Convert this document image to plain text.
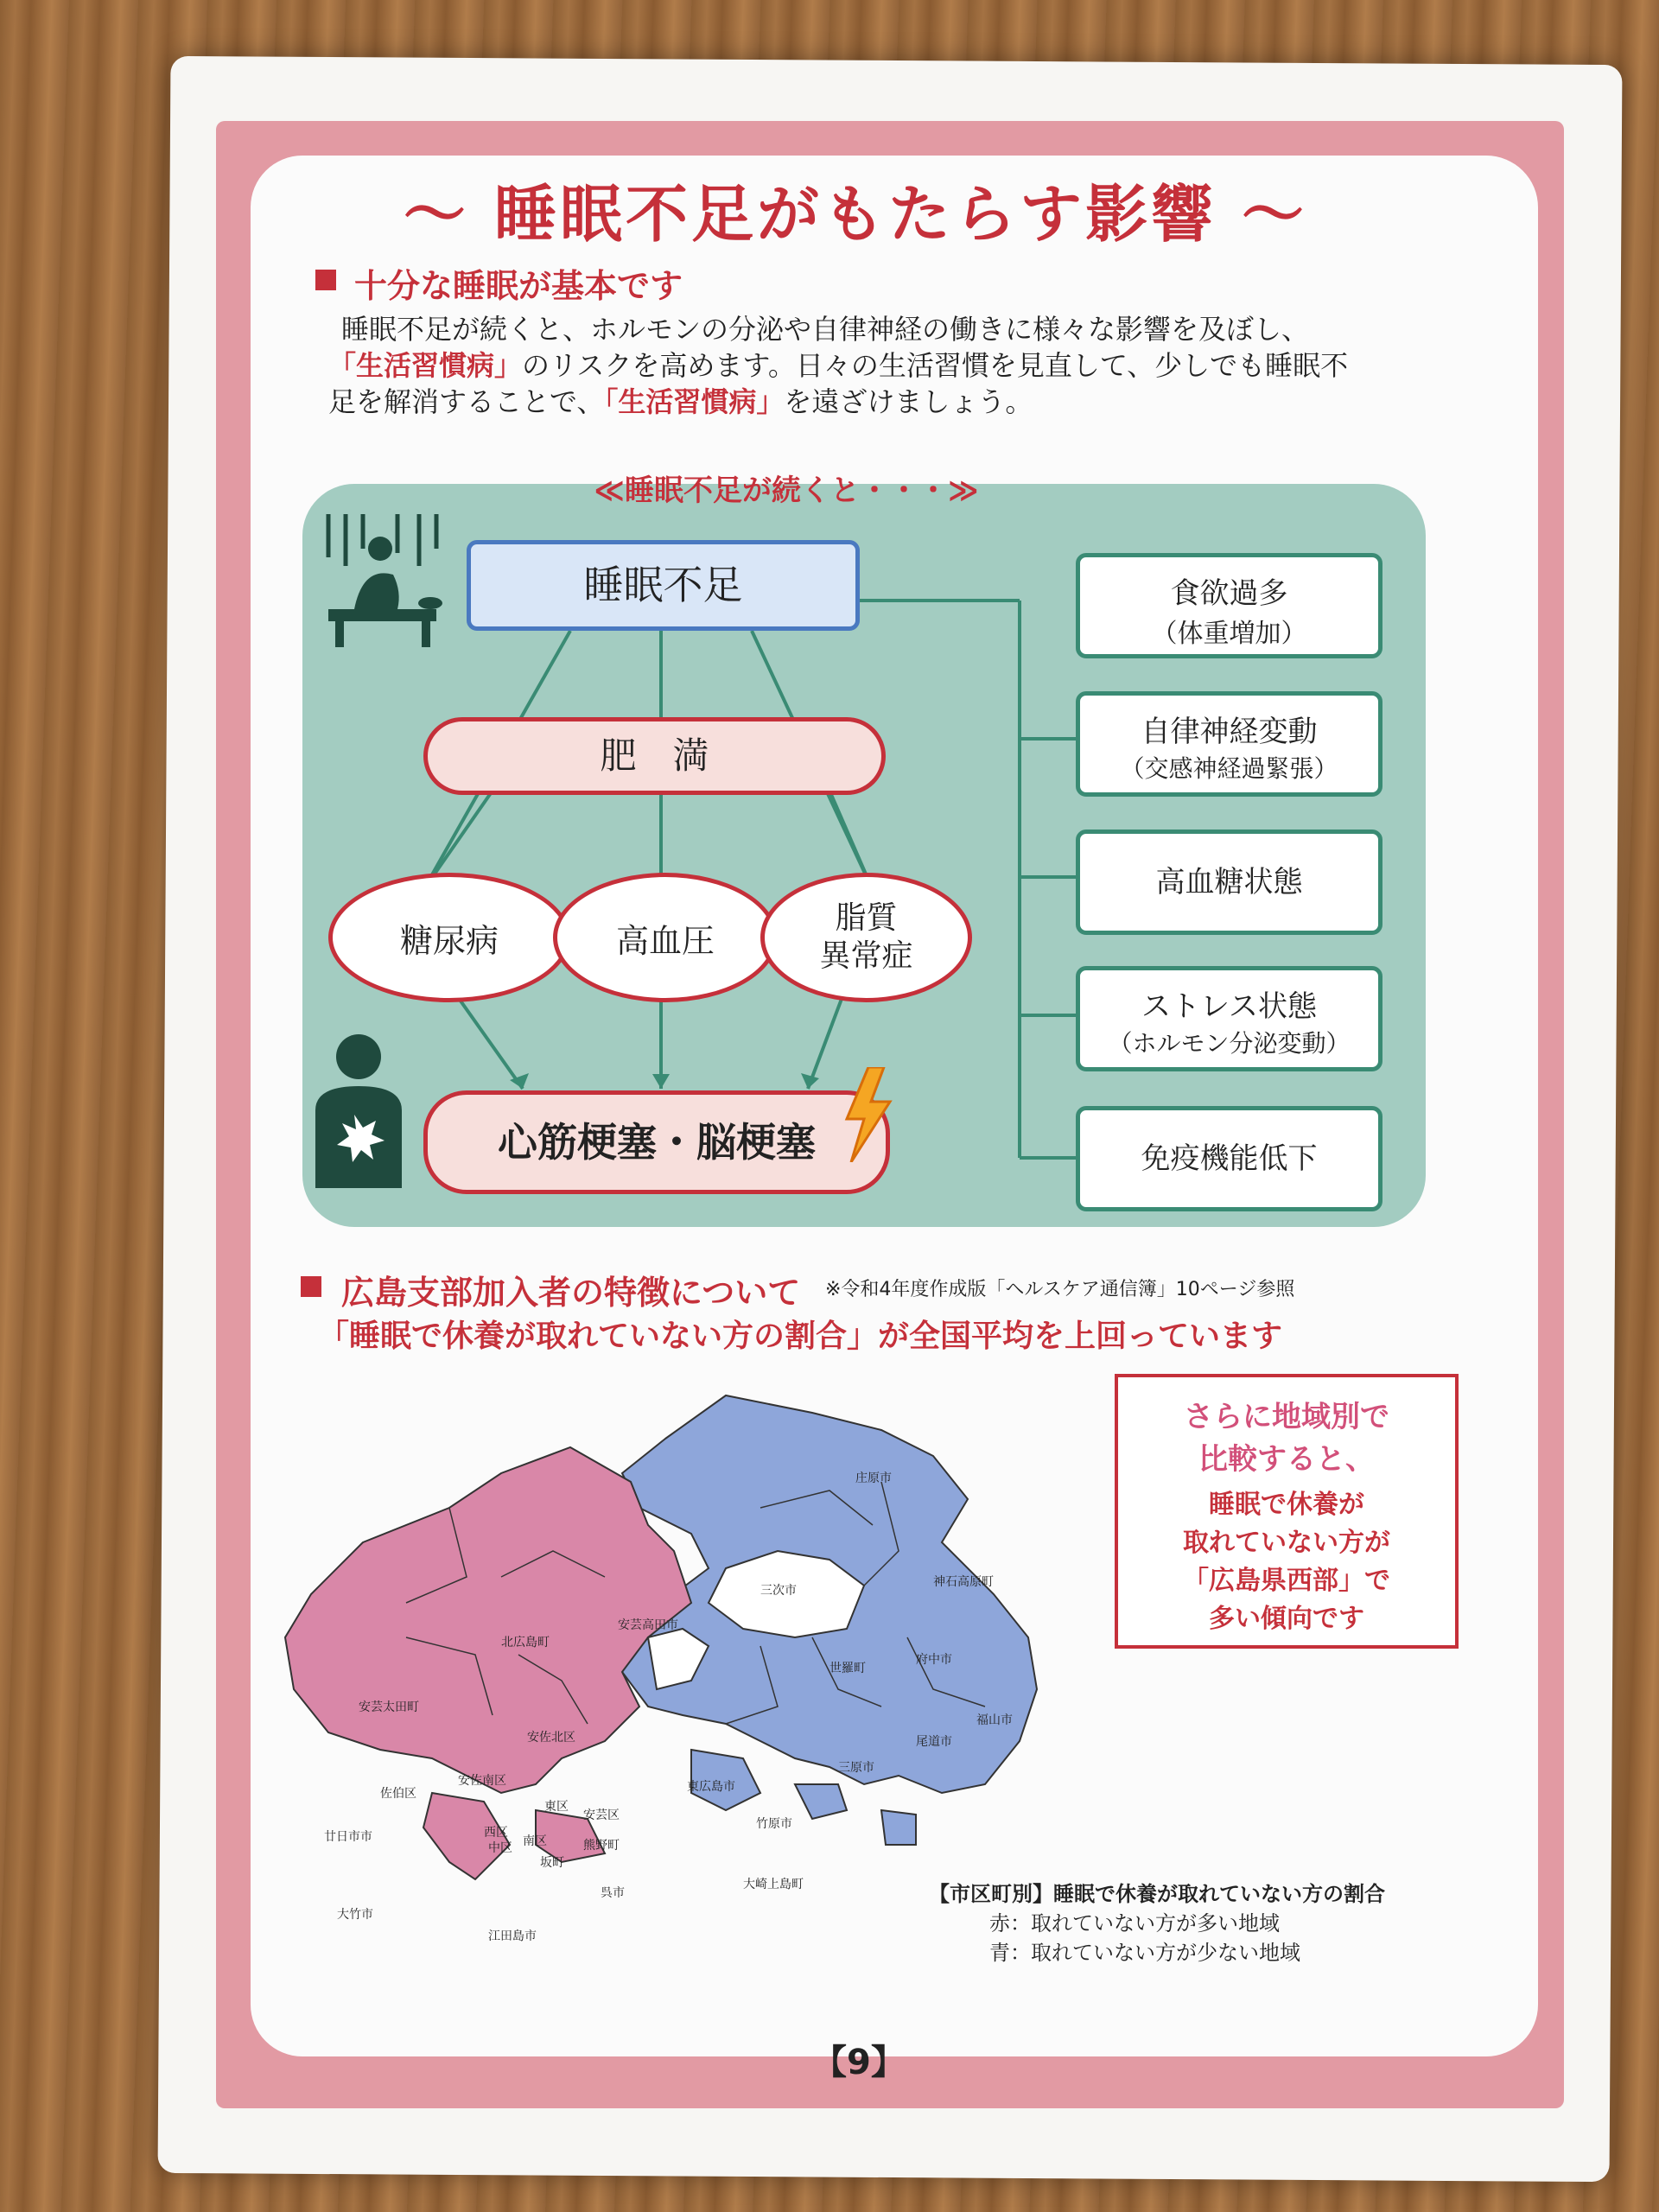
～ 睡眠不足がもたらす影響 ～
十分な睡眠が基本です
睡眠不足が続くと、ホルモンの分泌や自律神経の働きに様々な影響を及ぼし、
「生活習慣病」のリスクを高めます。日々の生活習慣を見直して、少しでも睡眠不
足を解消することで、「生活習慣病」を遠ざけましょう。
≪睡眠不足が続くと・・・≫
睡眠不足
肥　満
糖尿病	高血圧
脂質
異常症
心筋梗塞・脳梗塞
食欲過多
（体重増加）
自律神経変動
（交感神経過緊張）
高血糖状態
ストレス状態
（ホルモン分泌変動）
免疫機能低下
広島支部加入者の特徴について ※令和4年度作成版「ヘルスケア通信簿」10ページ参照
「睡眠で休養が取れていない方の割合」が全国平均を上回っています
庄原市
三次市
神石高原町
世羅町
府中市
福山市
尾道市
三原市
東広島市
竹原市
大崎上島町
北広島町
安芸高田市
安芸太田町
安佐北区
安佐南区
佐伯区
廿日市市	西区
中区 南区
東区
安芸区
坂町
熊野町
呉市
大竹市
江田島市
さらに地域別で
比較すると、
睡眠で休養が
取れていない方が
「広島県西部」で
多い傾向です
【市区町別】睡眠で休養が取れていない方の割合
赤：取れていない方が多い地域
青：取れていない方が少ない地域
【9】
